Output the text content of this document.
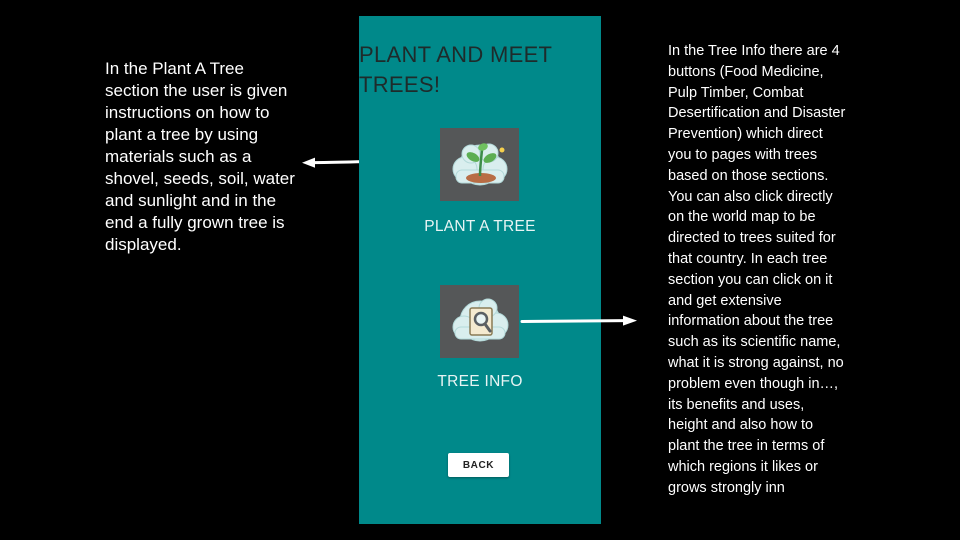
In the Plant A Tree
section the user is given
instructions on how to
plant a tree by using
materials such as a
shovel, seeds, soil, water
and sunlight and in the
end a fully grown tree is
displayed.
PLANT AND MEET
TREES!
PLANT A TREE
TREE INFO
BACK
In the Tree Info there are 4
buttons (Food Medicine,
Pulp Timber, Combat
Desertification and Disaster
Prevention) which direct
you to pages with trees
based on those sections.
You can also click directly
on the world map to be
directed to trees suited for
that country. In each tree
section you can click on it
and get extensive
information about the tree
such as its scientific name,
what it is strong against, no
problem even though in…,
its benefits and uses,
height and also how to
plant the tree in terms of
which regions it likes or
grows strongly inn
